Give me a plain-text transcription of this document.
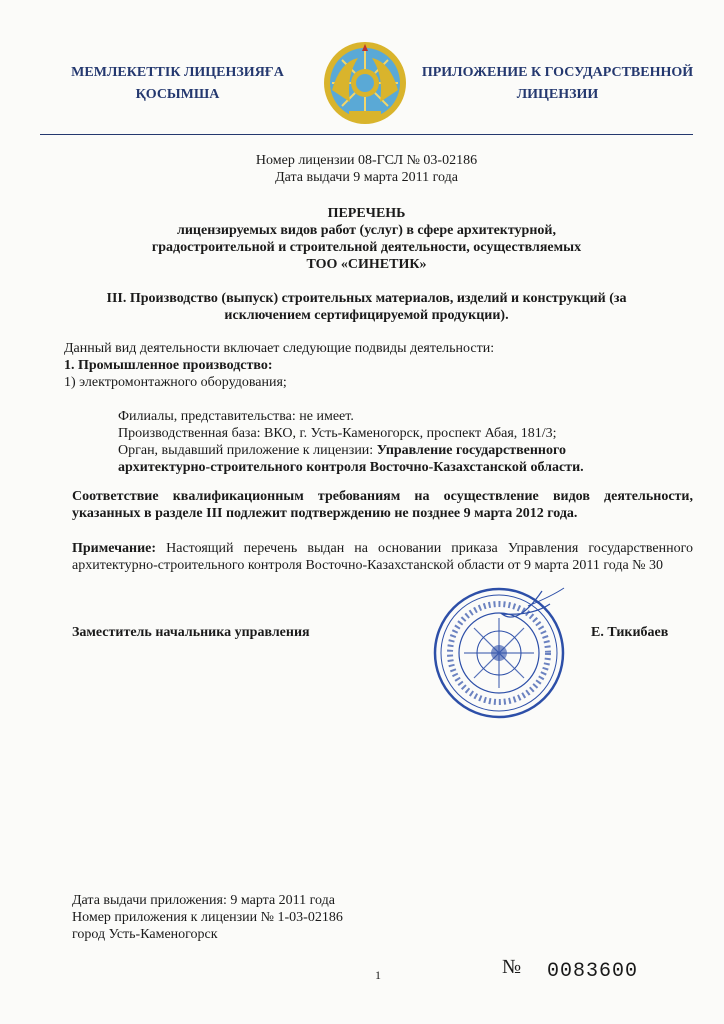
МЕМЛЕКЕТТІК ЛИЦЕНЗИЯҒА
ҚОСЫМША
ПРИЛОЖЕНИЕ К ГОСУДАРСТВЕННОЙ
ЛИЦЕНЗИИ
Номер лицензии 08-ГСЛ № 03-02186
Дата выдачи 9 марта 2011 года
ПЕРЕЧЕНЬ
лицензируемых видов работ (услуг) в сфере архитектурной,
градостроительной и строительной деятельности, осуществляемых
ТОО «СИНЕТИК»
III. Производство (выпуск) строительных материалов, изделий и конструкций (за
исключением сертифицируемой продукции).
Данный вид деятельности включает следующие подвиды деятельности:
1. Промышленное производство:
1) электромонтажного оборудования;
Филиалы, представительства: не имеет.
Производственная база: ВКО, г. Усть-Каменогорск, проспект Абая, 181/3;
Орган, выдавший приложение к лицензии: Управление государственного
архитектурно-строительного контроля Восточно-Казахстанской области.
Соответствие квалификационным требованиям на осуществление видов деятельности, указанных в разделе III подлежит подтверждению не позднее 9 марта 2012 года.
Примечание: Настоящий перечень выдан на основании приказа Управления государственного архитектурно-строительного контроля Восточно-Казахстанской области от 9 марта 2011 года № 30
Заместитель начальника управления	Е. Тикибаев
Дата выдачи приложения: 9 марта 2011 года
Номер приложения к лицензии № 1-03-02186
город Усть-Каменогорск
1	№ 0083600
